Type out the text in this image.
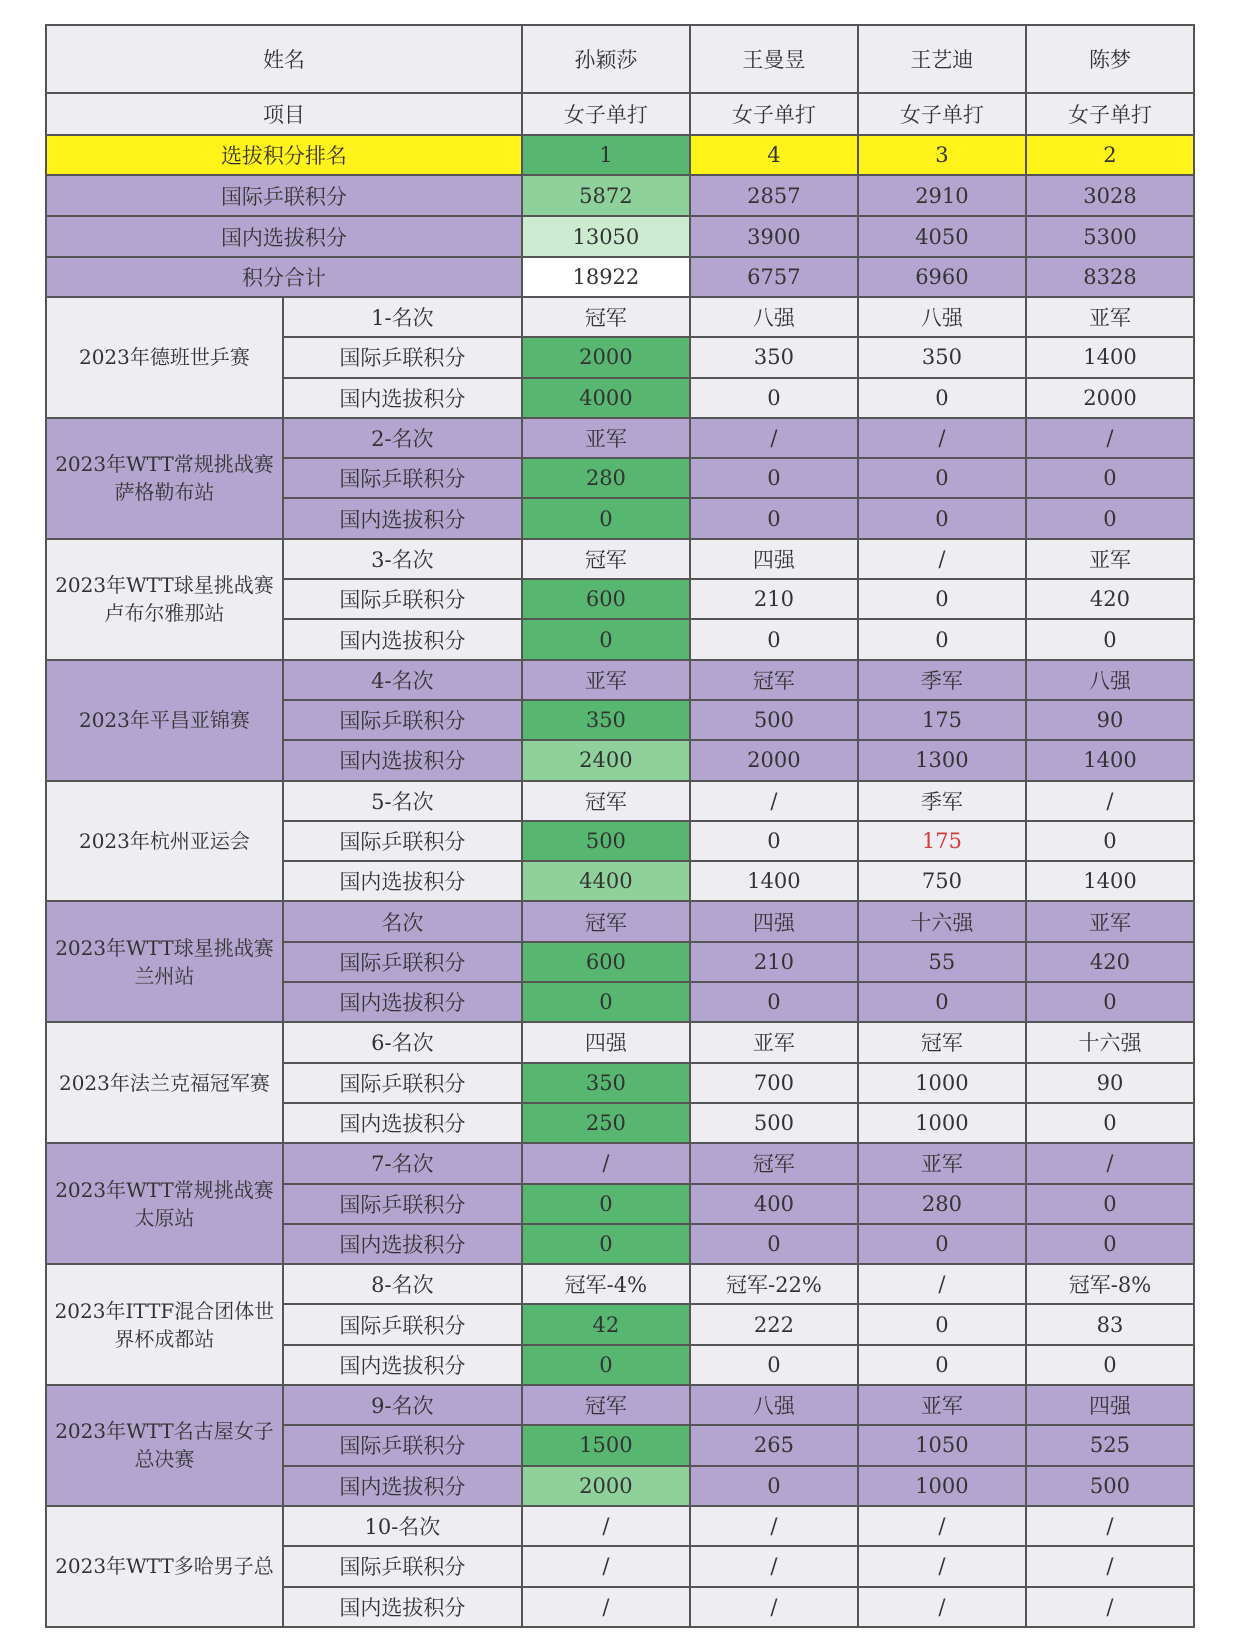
姓名		孙颖莎	王曼昱	王艺迪	陈梦
项目		女子单打	女子单打	女子单打	女子单打
选拔积分排名		1	4	3	2
国际乒联积分		5872	2857	2910	3028
国内选拔积分		13050	3900	4050	5300
积分合计		18922	6757	6960	8328
2023年德班世乒赛	1-名次	冠军	八强	八强	亚军
	国际乒联积分	2000	350	350	1400
	国内选拔积分	4000	0	0	2000
2023年WTT常规挑战赛萨格勒布站	2-名次	亚军	/	/	/
	国际乒联积分	280	0	0	0
	国内选拔积分	0	0	0	0
2023年WTT球星挑战赛卢布尔雅那站	3-名次	冠军	四强	/	亚军
	国际乒联积分	600	210	0	420
	国内选拔积分	0	0	0	0
2023年平昌亚锦赛	4-名次	亚军	冠军	季军	八强
	国际乒联积分	350	500	175	90
	国内选拔积分	2400	2000	1300	1400
2023年杭州亚运会	5-名次	冠军	/	季军	/
	国际乒联积分	500	0	175	0
	国内选拔积分	4400	1400	750	1400
2023年WTT球星挑战赛兰州站	名次	冠军	四强	十六强	亚军
	国际乒联积分	600	210	55	420
	国内选拔积分	0	0	0	0
2023年法兰克福冠军赛	6-名次	四强	亚军	冠军	十六强
	国际乒联积分	350	700	1000	90
	国内选拔积分	250	500	1000	0
2023年WTT常规挑战赛太原站	7-名次	/	冠军	亚军	/
	国际乒联积分	0	400	280	0
	国内选拔积分	0	0	0	0
2023年ITTF混合团体世界杯成都站	8-名次	冠军-4%	冠军-22%	/	冠军-8%
	国际乒联积分	42	222	0	83
	国内选拔积分	0	0	0	0
2023年WTT名古屋女子总决赛	9-名次	冠军	八强	亚军	四强
	国际乒联积分	1500	265	1050	525
	国内选拔积分	2000	0	1000	500
2023年WTT多哈男子总	10-名次	/	/	/	/
	国际乒联积分	/	/	/	/
	国内选拔积分	/	/	/	/
